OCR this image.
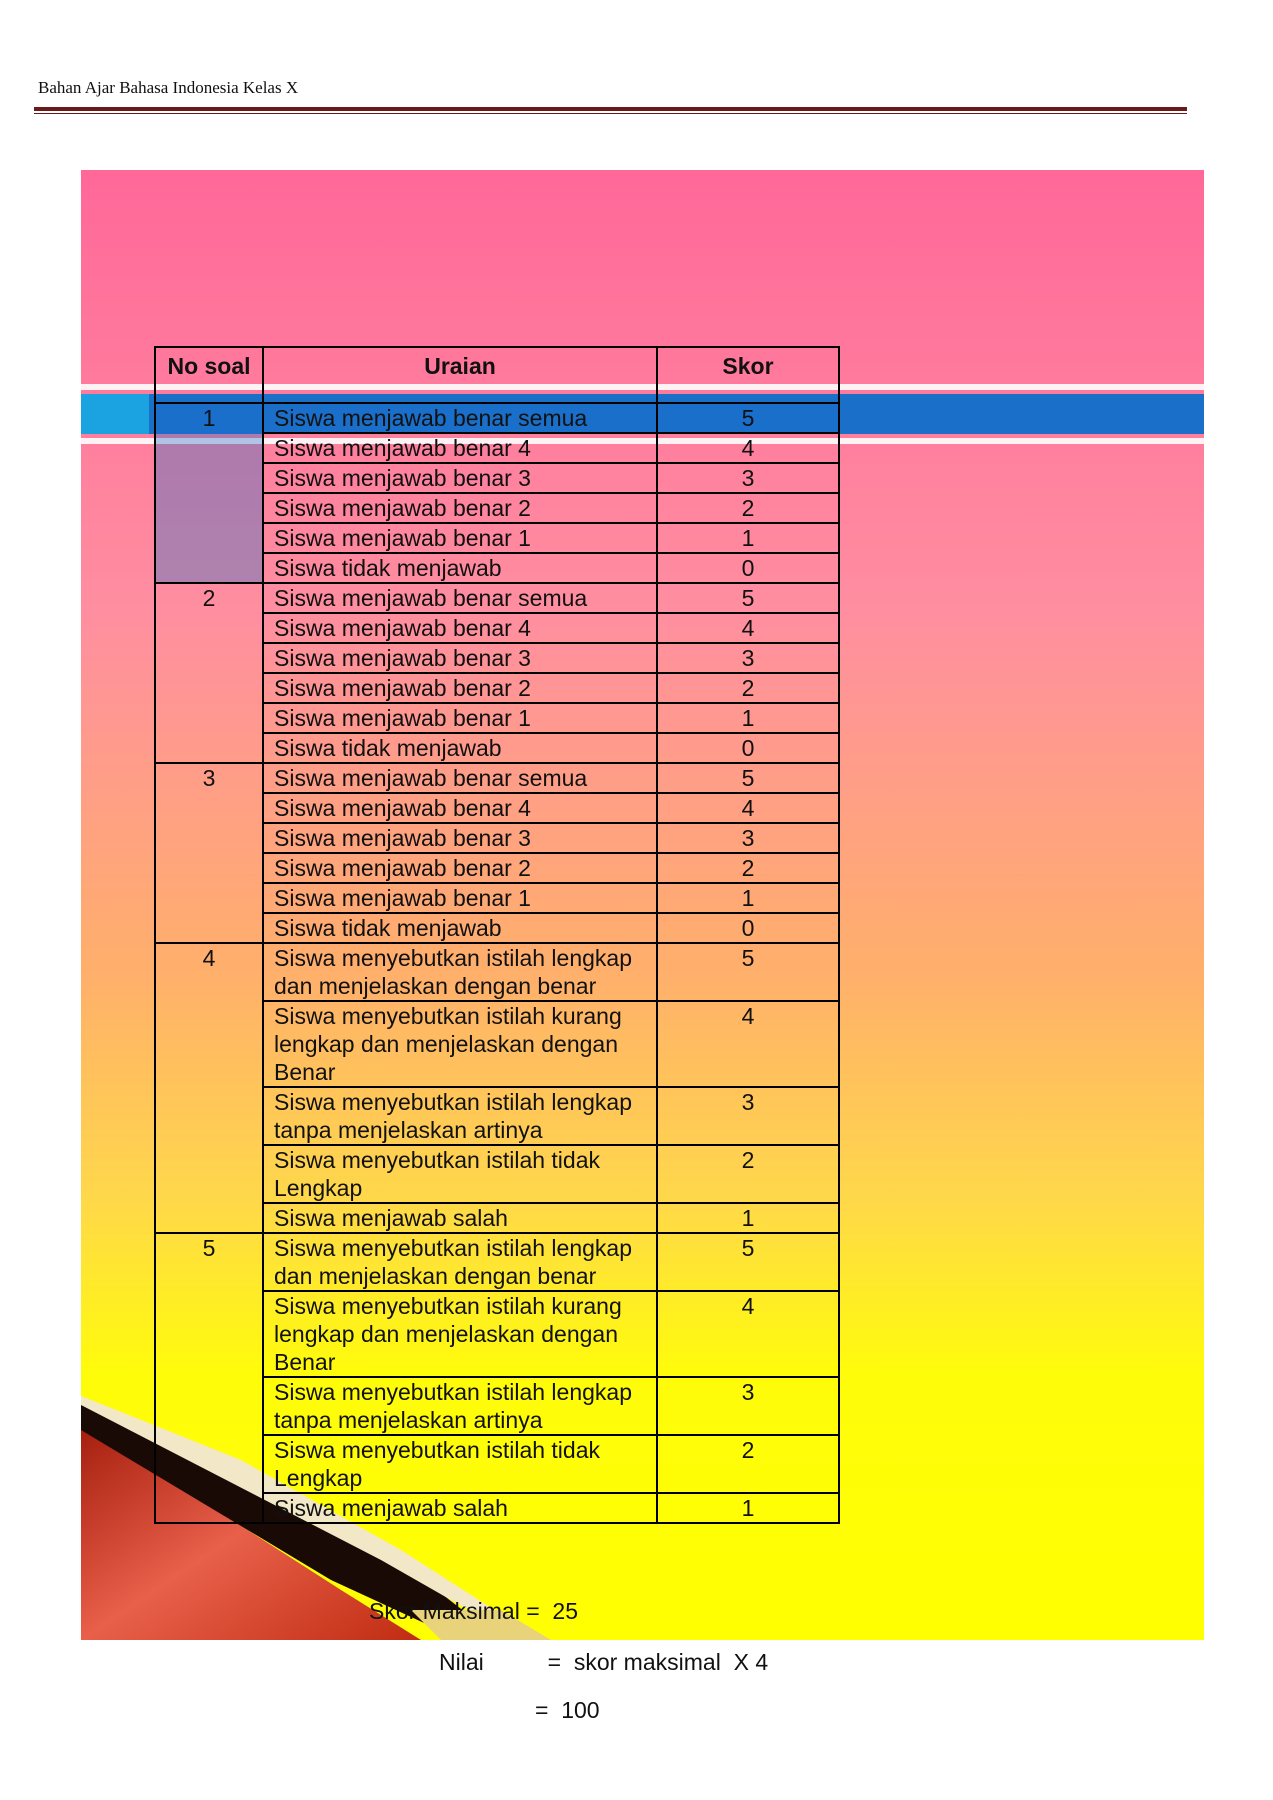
Bahan Ajar Bahasa Indonesia Kelas X
No soal	Uraian	Skor
1	Siswa menjawab benar semua	5
	Siswa menjawab benar 4	4
	Siswa menjawab benar 3	3
	Siswa menjawab benar 2	2
	Siswa menjawab benar 1	1
	Siswa tidak menjawab	0
2	Siswa menjawab benar semua	5
	Siswa menjawab benar 4	4
	Siswa menjawab benar 3	3
	Siswa menjawab benar 2	2
	Siswa menjawab benar 1	1
	Siswa tidak menjawab	0
3	Siswa menjawab benar semua	5
	Siswa menjawab benar 4	4
	Siswa menjawab benar 3	3
	Siswa menjawab benar 2	2
	Siswa menjawab benar 1	1
	Siswa tidak menjawab	0
4	Siswa menyebutkan istilah lengkap dan menjelaskan dengan benar	5
	Siswa menyebutkan istilah kurang lengkap dan menjelaskan dengan Benar	4
	Siswa menyebutkan istilah lengkap tanpa menjelaskan artinya	3
	Siswa menyebutkan istilah tidak Lengkap	2
	Siswa menjawab salah	1
5	Siswa menyebutkan istilah lengkap dan menjelaskan dengan benar	5
	Siswa menyebutkan istilah kurang lengkap dan menjelaskan dengan Benar	4
	Siswa menyebutkan istilah lengkap tanpa menjelaskan artinya	3
	Siswa menyebutkan istilah tidak Lengkap	2
	Siswa menjawab salah	1
Skor Maksimal =  25
Nilai          =  skor maksimal  X 4
=  100
